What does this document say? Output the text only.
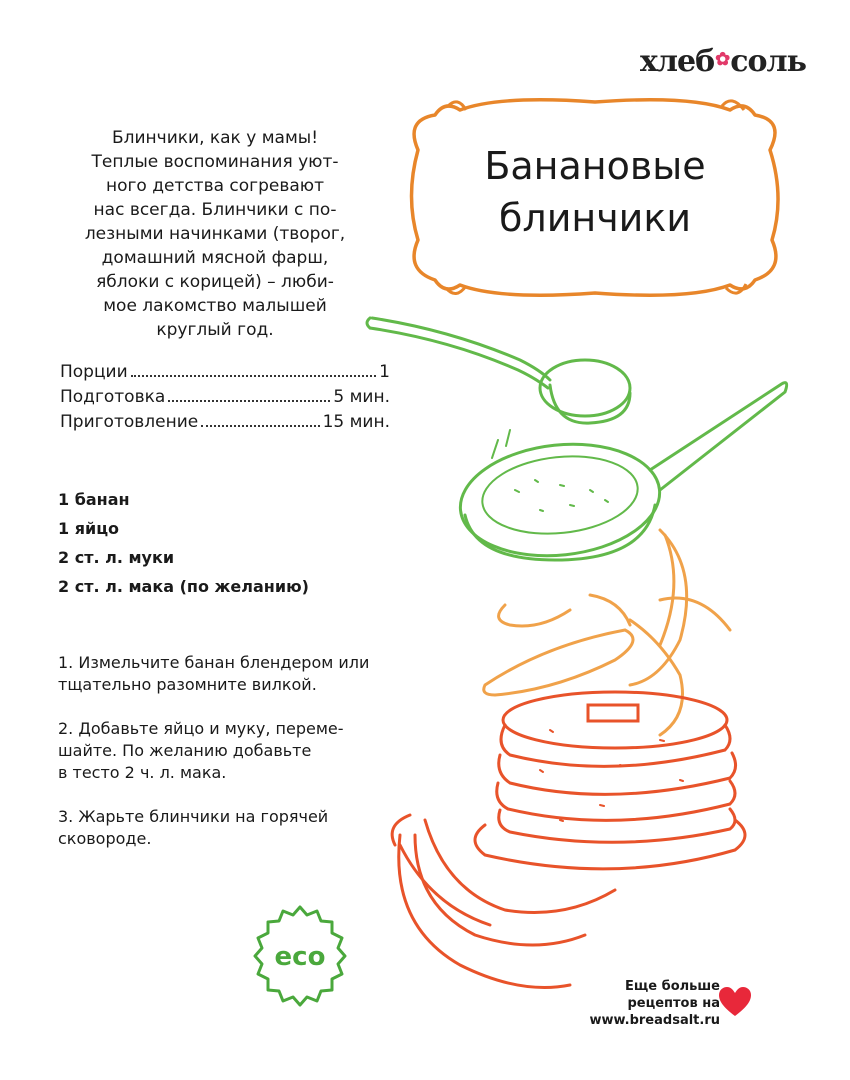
хлеб✿соль
Блинчики, как у мамы!
Теплые воспоминания уют-
ного детства согревают
нас всегда. Блинчики с по-
лезными начинками (творог,
домашний мясной фарш,
яблоки с корицей) – люби-
мое лакомство малышей
круглый год.
Банановые
блинчики
Порции	1
Подготовка	5 мин.
Приготовление	15 мин.
1 банан
1 яйцо
2 ст. л. муки
2 ст. л. мака (по желанию)

1. Измельчите банан блендером или
тщательно разомните вилкой.

2. Добавьте яйцо и муку, переме-
шайте. По желанию добавьте
в тесто 2 ч. л. мака.

3. Жарьте блинчики на горячей
сковороде.

eco
Еще больше
рецептов на
www.breadsalt.ru
